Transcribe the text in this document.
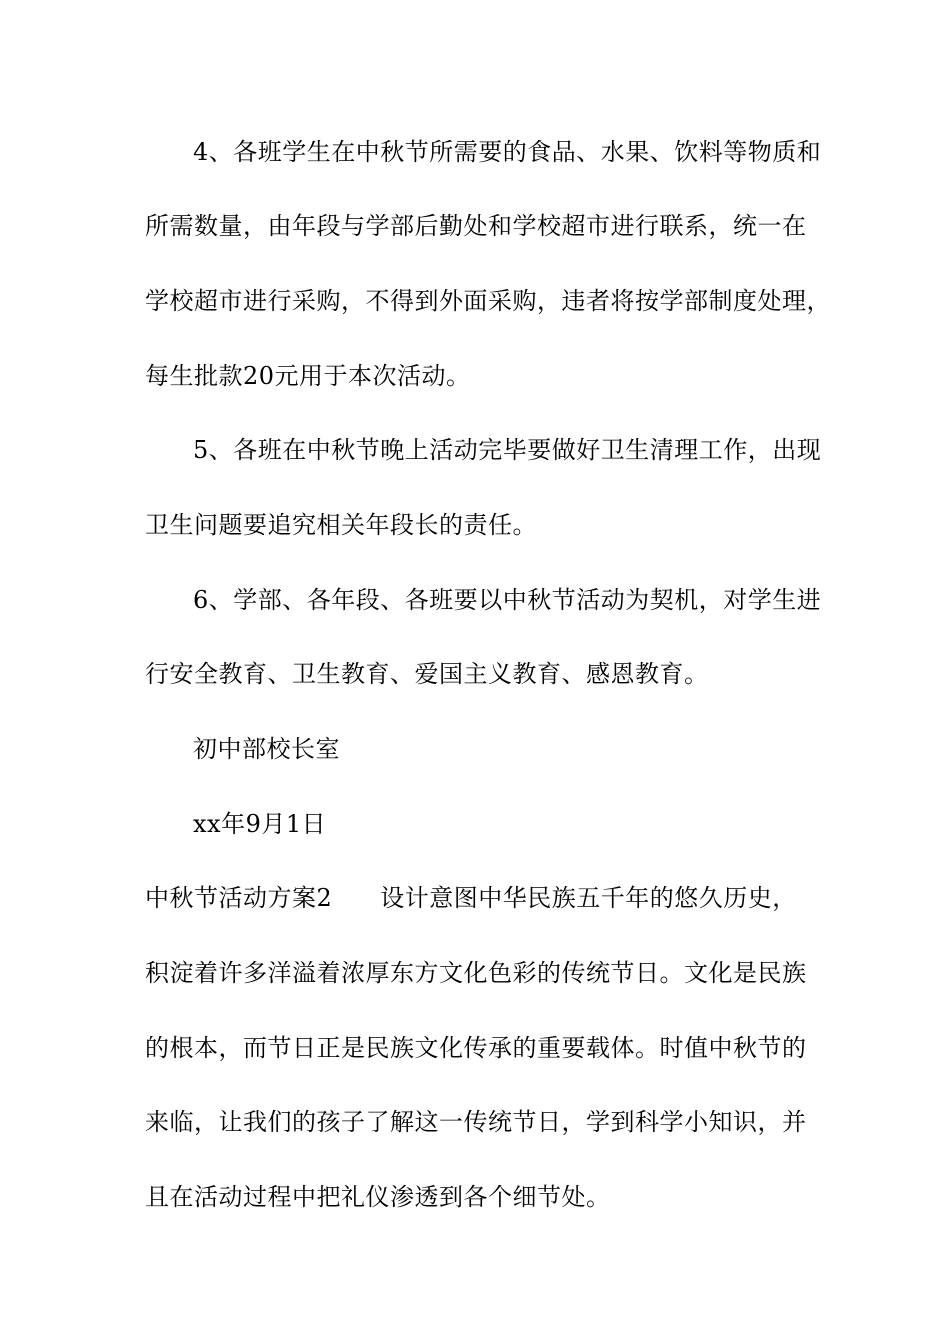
4、各班学生在中秋节所需要的食品、水果、饮料等物质和
所需数量，由年段与学部后勤处和学校超市进行联系，统一在
学校超市进行采购，不得到外面采购，违者将按学部制度处理，
每生批款20元用于本次活动。
5、各班在中秋节晚上活动完毕要做好卫生清理工作，出现
卫生问题要追究相关年段长的责任。
6、学部、各年段、各班要以中秋节活动为契机，对学生进
行安全教育、卫生教育、爱国主义教育、感恩教育。
初中部校长室
xx年9月1日
中秋节活动方案2 设计意图中华民族五千年的悠久历史，
积淀着许多洋溢着浓厚东方文化色彩的传统节日。文化是民族
的根本，而节日正是民族文化传承的重要载体。时值中秋节的
来临，让我们的孩子了解这一传统节日，学到科学小知识，并
且在活动过程中把礼仪渗透到各个细节处。
